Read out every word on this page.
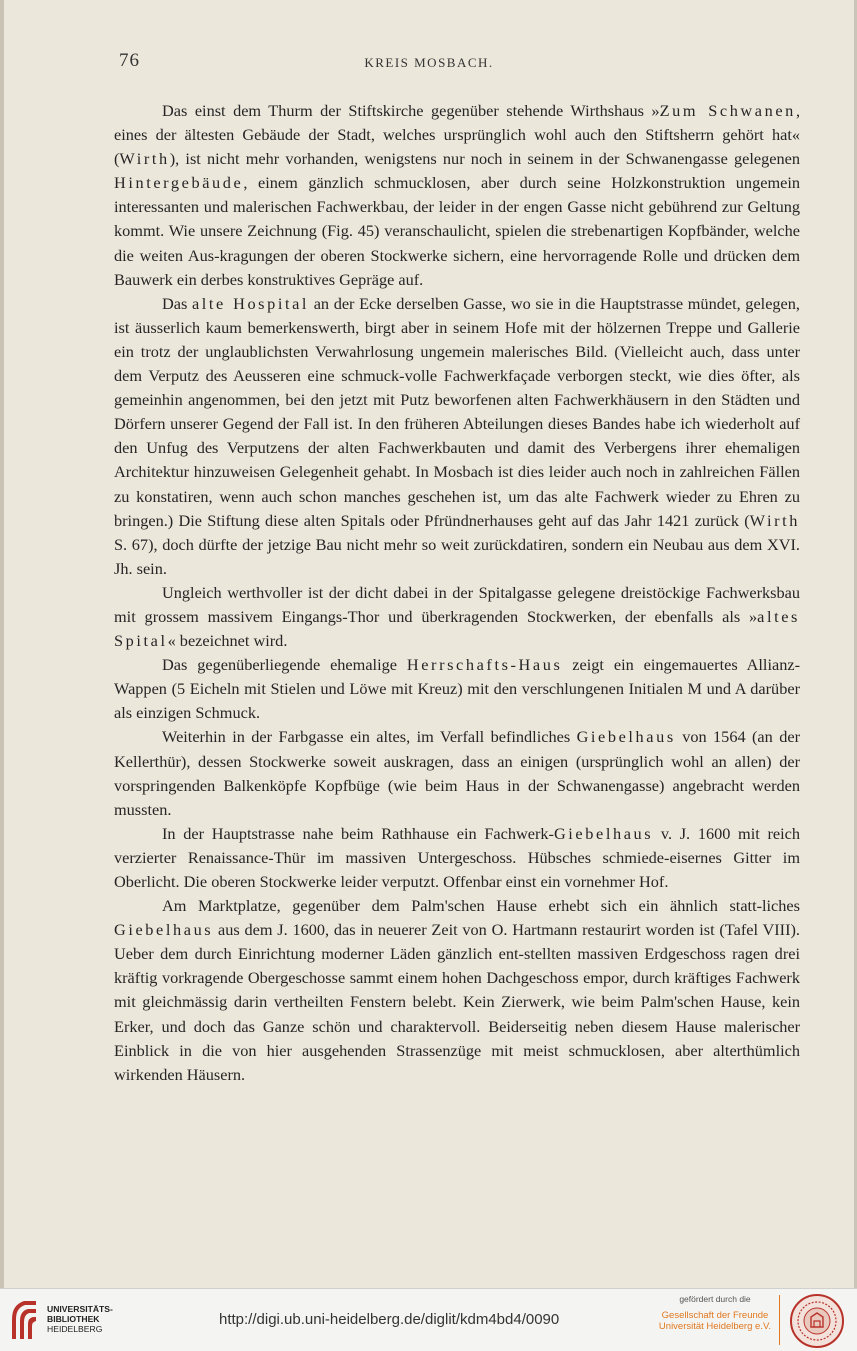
76	KREIS MOSBACH.

Das einst dem Thurm der Stiftskirche gegenüber stehende Wirthshaus »Zum Schwanen, eines der ältesten Gebäude der Stadt, welches ursprünglich wohl auch den Stiftsherrn gehört hat« (Wirth), ist nicht mehr vorhanden, wenigstens nur noch in seinem in der Schwanengasse gelegenen Hintergebäude, einem gänzlich schmucklosen, aber durch seine Holzkonstruktion ungemein interessanten und malerischen Fachwerkbau, der leider in der engen Gasse nicht gebührend zur Geltung kommt. Wie unsere Zeichnung (Fig. 45) veranschaulicht, spielen die strebenartigen Kopfbänder, welche die weiten Aus-kragungen der oberen Stockwerke sichern, eine hervorragende Rolle und drücken dem Bauwerk ein derbes konstruktives Gepräge auf.

Das alte Hospital an der Ecke derselben Gasse, wo sie in die Hauptstrasse mündet, gelegen, ist äusserlich kaum bemerkenswerth, birgt aber in seinem Hofe mit der hölzernen Treppe und Gallerie ein trotz der unglaublichsten Verwahrlosung ungemein malerisches Bild. (Vielleicht auch, dass unter dem Verputz des Aeusseren eine schmuck-volle Fachwerkfaçade verborgen steckt, wie dies öfter, als gemeinhin angenommen, bei den jetzt mit Putz beworfenen alten Fachwerkhäusern in den Städten und Dörfern unserer Gegend der Fall ist. In den früheren Abteilungen dieses Bandes habe ich wiederholt auf den Unfug des Verputzens der alten Fachwerkbauten und damit des Verbergens ihrer ehemaligen Architektur hinzuweisen Gelegenheit gehabt. In Mosbach ist dies leider auch noch in zahlreichen Fällen zu konstatiren, wenn auch schon manches geschehen ist, um das alte Fachwerk wieder zu Ehren zu bringen.) Die Stiftung diese alten Spitals oder Pfründnerhauses geht auf das Jahr 1421 zurück (Wirth S. 67), doch dürfte der jetzige Bau nicht mehr so weit zurückdatiren, sondern ein Neubau aus dem XVI. Jh. sein.

Ungleich werthvoller ist der dicht dabei in der Spitalgasse gelegene dreistöckige Fachwerksbau mit grossem massivem Eingangs-Thor und überkragenden Stockwerken, der ebenfalls als »altes Spital« bezeichnet wird.

Das gegenüberliegende ehemalige Herrschafts-Haus zeigt ein eingemauertes Allianz-Wappen (5 Eicheln mit Stielen und Löwe mit Kreuz) mit den verschlungenen Initialen M und A darüber als einzigen Schmuck.

Weiterhin in der Farbgasse ein altes, im Verfall befindliches Giebelhaus von 1564 (an der Kellerthür), dessen Stockwerke soweit auskragen, dass an einigen (ursprünglich wohl an allen) der vorspringenden Balkenköpfe Kopfbüge (wie beim Haus in der Schwanengasse) angebracht werden mussten.

In der Hauptstrasse nahe beim Rathhause ein Fachwerk-Giebelhaus v. J. 1600 mit reich verzierter Renaissance-Thür im massiven Untergeschoss. Hübsches schmiede-eisernes Gitter im Oberlicht. Die oberen Stockwerke leider verputzt. Offenbar einst ein vornehmer Hof.

Am Marktplatze, gegenüber dem Palm'schen Hause erhebt sich ein ähnlich statt-liches Giebelhaus aus dem J. 1600, das in neuerer Zeit von O. Hartmann restaurirt worden ist (Tafel VIII). Ueber dem durch Einrichtung moderner Läden gänzlich ent-stellten massiven Erdgeschoss ragen drei kräftig vorkragende Obergeschosse sammt einem hohen Dachgeschoss empor, durch kräftiges Fachwerk mit gleichmässig darin vertheilten Fenstern belebt. Kein Zierwerk, wie beim Palm'schen Hause, kein Erker, und doch das Ganze schön und charaktervoll. Beiderseitig neben diesem Hause malerischer Einblick in die von hier ausgehenden Strassenzüge mit meist schmucklosen, aber alterthümlich wirkenden Häusern.

UNIVERSITÄTS-
BIBLIOTHEK
HEIDELBERG
http://digi.ub.uni-heidelberg.de/diglit/kdm4bd4/0090
gefördert durch die
Gesellschaft der Freunde
Universität Heidelberg e.V.
